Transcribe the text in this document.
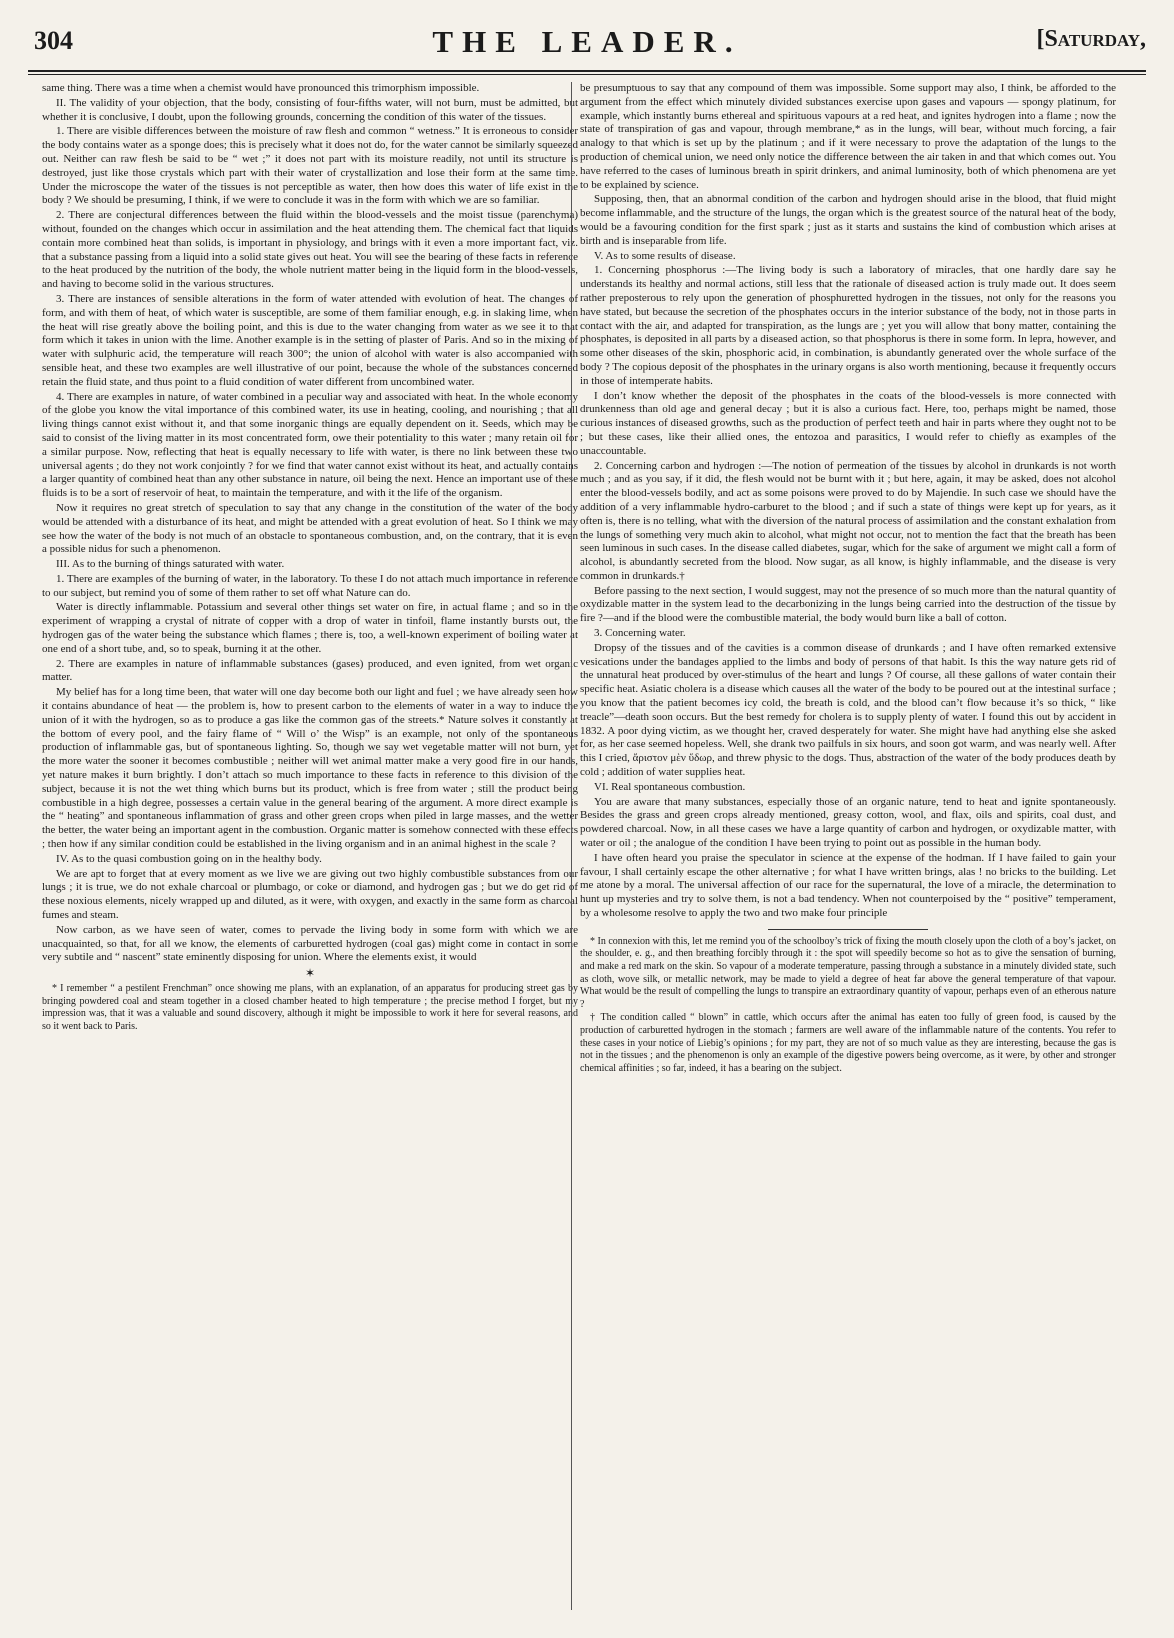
304	THE LEADER.	[Saturday,

same thing. There was a time when a chemist would have pronounced this trimorphism impossible.

II. The validity of your objection, that the body, consisting of four-fifths water, will not burn, must be admitted, but whether it is conclusive, I doubt, upon the following grounds, concerning the condition of this water of the tissues.

1. There are visible differences between the moisture of raw flesh and common “ wetness.” It is erroneous to consider the body contains water as a sponge does; this is precisely what it does not do, for the water cannot be similarly squeezed out. Neither can raw flesh be said to be “ wet ;” it does not part with its moisture readily, not until its structure is destroyed, just like those crystals which part with their water of crystallization and lose their form at the same time. Under the microscope the water of the tissues is not perceptible as water, then how does this water of life exist in the body ? We should be presuming, I think, if we were to conclude it was in the form with which we are so familiar.

2. There are conjectural differences between the fluid within the blood-vessels and the moist tissue (parenchyma) without, founded on the changes which occur in assimilation and the heat attending them. The chemical fact that liquids contain more combined heat than solids, is important in physiology, and brings with it even a more important fact, viz. that a substance passing from a liquid into a solid state gives out heat. You will see the bearing of these facts in reference to the heat produced by the nutrition of the body, the whole nutrient matter being in the liquid form in the blood-vessels, and having to become solid in the various structures.

3. There are instances of sensible alterations in the form of water attended with evolution of heat. The changes of form, and with them of heat, of which water is susceptible, are some of them familiar enough, e.g. in slaking lime, when the heat will rise greatly above the boiling point, and this is due to the water changing from water as we see it to that form which it takes in union with the lime. Another example is in the setting of plaster of Paris. And so in the mixing of water with sulphuric acid, the temperature will reach 300°; the union of alcohol with water is also accompanied with sensible heat, and these two examples are well illustrative of our point, because the whole of the substances concerned retain the fluid state, and thus point to a fluid condition of water different from uncombined water.

4. There are examples in nature, of water combined in a peculiar way and associated with heat. In the whole economy of the globe you know the vital importance of this combined water, its use in heating, cooling, and nourishing ; that all living things cannot exist without it, and that some inorganic things are equally dependent on it. Seeds, which may be said to consist of the living matter in its most concentrated form, owe their potentiality to this water ; many retain oil for a similar purpose. Now, reflecting that heat is equally necessary to life with water, is there no link between these two universal agents ; do they not work conjointly ? for we find that water cannot exist without its heat, and actually contains a larger quantity of combined heat than any other substance in nature, oil being the next. Hence an important use of these fluids is to be a sort of reservoir of heat, to maintain the temperature, and with it the life of the organism.

Now it requires no great stretch of speculation to say that any change in the constitution of the water of the body would be attended with a disturbance of its heat, and might be attended with a great evolution of heat. So I think we may see how the water of the body is not much of an obstacle to spontaneous combustion, and, on the contrary, that it is even a possible nidus for such a phenomenon.

III. As to the burning of things saturated with water.

1. There are examples of the burning of water, in the laboratory. To these I do not attach much importance in reference to our subject, but remind you of some of them rather to set off what Nature can do.

Water is directly inflammable. Potassium and several other things set water on fire, in actual flame ; and so in the experiment of wrapping a crystal of nitrate of copper with a drop of water in tinfoil, flame instantly bursts out, the hydrogen gas of the water being the substance which flames ; there is, too, a well-known experiment of boiling water at one end of a short tube, and, so to speak, burning it at the other.

2. There are examples in nature of inflammable substances (gases) produced, and even ignited, from wet organic matter.

My belief has for a long time been, that water will one day become both our light and fuel ; we have already seen how it contains abundance of heat — the problem is, how to present carbon to the elements of water in a way to induce the union of it with the hydrogen, so as to produce a gas like the common gas of the streets.* Nature solves it constantly at the bottom of every pool, and the fairy flame of “ Will o’ the Wisp” is an example, not only of the spontaneous production of inflammable gas, but of spontaneous lighting. So, though we say wet vegetable matter will not burn, yet the more water the sooner it becomes combustible ; neither will wet animal matter make a very good fire in our hands, yet nature makes it burn brightly. I don’t attach so much importance to these facts in reference to this division of the subject, because it is not the wet thing which burns but its product, which is free from water ; still the product being combustible in a high degree, possesses a certain value in the general bearing of the argument. A more direct example is the “ heating” and spontaneous inflammation of grass and other green crops when piled in large masses, and the wetter the better, the water being an important agent in the combustion. Organic matter is somehow connected with these effects ; then how if any similar condition could be established in the living organism and in an animal highest in the scale ?

IV. As to the quasi combustion going on in the healthy body.

We are apt to forget that at every moment as we live we are giving out two highly combustible substances from our lungs ; it is true, we do not exhale charcoal or plumbago, or coke or diamond, and hydrogen gas ; but we do get rid of these noxious elements, nicely wrapped up and diluted, as it were, with oxygen, and exactly in the same form as charcoal fumes and steam.

Now carbon, as we have seen of water, comes to pervade the living body in some form with which we are unacquainted, so that, for all we know, the elements of carburetted hydrogen (coal gas) might come in contact in some very subtile and “ nascent” state eminently disposing for union. Where the elements exist, it would

✶

* I remember “ a pestilent Frenchman” once showing me plans, with an explanation, of an apparatus for producing street gas by bringing powdered coal and steam together in a closed chamber heated to high temperature ; the precise method I forget, but my impression was, that it was a valuable and sound discovery, although it might be impossible to work it here for several reasons, and so it went back to Paris.

be presumptuous to say that any compound of them was impossible. Some support may also, I think, be afforded to the argument from the effect which minutely divided substances exercise upon gases and vapours — spongy platinum, for example, which instantly burns ethereal and spirituous vapours at a red heat, and ignites hydrogen into a flame ; now the state of transpiration of gas and vapour, through membrane,* as in the lungs, will bear, without much forcing, a fair analogy to that which is set up by the platinum ; and if it were necessary to prove the adaptation of the lungs to the production of chemical union, we need only notice the difference between the air taken in and that which comes out. You have referred to the cases of luminous breath in spirit drinkers, and animal luminosity, both of which phenomena are yet to be explained by science.

Supposing, then, that an abnormal condition of the carbon and hydrogen should arise in the blood, that fluid might become inflammable, and the structure of the lungs, the organ which is the greatest source of the natural heat of the body, would be a favouring condition for the first spark ; just as it starts and sustains the kind of combustion which arises at birth and is inseparable from life.

V. As to some results of disease.

1. Concerning phosphorus :—The living body is such a laboratory of miracles, that one hardly dare say he understands its healthy and normal actions, still less that the rationale of diseased action is truly made out. It does seem rather preposterous to rely upon the generation of phosphuretted hydrogen in the tissues, not only for the reasons you have stated, but because the secretion of the phosphates occurs in the interior substance of the body, not in those parts in contact with the air, and adapted for transpiration, as the lungs are ; yet you will allow that bony matter, containing the phosphates, is deposited in all parts by a diseased action, so that phosphorus is there in some form. In lepra, however, and some other diseases of the skin, phosphoric acid, in combination, is abundantly generated over the whole surface of the body ? The copious deposit of the phosphates in the urinary organs is also worth mentioning, because it frequently occurs in those of intemperate habits.

I don’t know whether the deposit of the phosphates in the coats of the blood-vessels is more connected with drunkenness than old age and general decay ; but it is also a curious fact. Here, too, perhaps might be named, those curious instances of diseased growths, such as the production of perfect teeth and hair in parts where they ought not to be ; but these cases, like their allied ones, the entozoa and parasitics, I would refer to chiefly as examples of the unaccountable.

2. Concerning carbon and hydrogen :—The notion of permeation of the tissues by alcohol in drunkards is not worth much ; and as you say, if it did, the flesh would not be burnt with it ; but here, again, it may be asked, does not alcohol enter the blood-vessels bodily, and act as some poisons were proved to do by Majendie. In such case we should have the addition of a very inflammable hydro-carburet to the blood ; and if such a state of things were kept up for years, as it often is, there is no telling, what with the diversion of the natural process of assimilation and the constant exhalation from the lungs of something very much akin to alcohol, what might not occur, not to mention the fact that the breath has been seen luminous in such cases. In the disease called diabetes, sugar, which for the sake of argument we might call a form of alcohol, is abundantly secreted from the blood. Now sugar, as all know, is highly inflammable, and the disease is very common in drunkards.†

Before passing to the next section, I would suggest, may not the presence of so much more than the natural quantity of oxydizable matter in the system lead to the decarbonizing in the lungs being carried into the destruction of the tissue by fire ?—and if the blood were the combustible material, the body would burn like a ball of cotton.

3. Concerning water.

Dropsy of the tissues and of the cavities is a common disease of drunkards ; and I have often remarked extensive vesications under the bandages applied to the limbs and body of persons of that habit. Is this the way nature gets rid of the unnatural heat produced by over-stimulus of the heart and lungs ? Of course, all these gallons of water contain their specific heat. Asiatic cholera is a disease which causes all the water of the body to be poured out at the intestinal surface ; you know that the patient becomes icy cold, the breath is cold, and the blood can’t flow because it’s so thick, “ like treacle”—death soon occurs. But the best remedy for cholera is to supply plenty of water. I found this out by accident in 1832. A poor dying victim, as we thought her, craved desperately for water. She might have had anything else she asked for, as her case seemed hopeless. Well, she drank two pailfuls in six hours, and soon got warm, and was nearly well. After this I cried, ἄριστον μὲν ὕδωρ, and threw physic to the dogs. Thus, abstraction of the water of the body produces death by cold ; addition of water supplies heat.

VI. Real spontaneous combustion.

You are aware that many substances, especially those of an organic nature, tend to heat and ignite spontaneously. Besides the grass and green crops already mentioned, greasy cotton, wool, and flax, oils and spirits, coal dust, and powdered charcoal. Now, in all these cases we have a large quantity of carbon and hydrogen, or oxydizable matter, with water or oil ; the analogue of the condition I have been trying to point out as possible in the human body.

I have often heard you praise the speculator in science at the expense of the hodman. If I have failed to gain your favour, I shall certainly escape the other alternative ; for what I have written brings, alas ! no bricks to the building. Let me atone by a moral. The universal affection of our race for the supernatural, the love of a miracle, the determination to hunt up mysteries and try to solve them, is not a bad tendency. When not counterpoised by the “ positive” temperament, by a wholesome resolve to apply the two and two make four principle

* In connexion with this, let me remind you of the schoolboy’s trick of fixing the mouth closely upon the cloth of a boy’s jacket, on the shoulder, e. g., and then breathing forcibly through it : the spot will speedily become so hot as to give the sensation of burning, and make a red mark on the skin. So vapour of a moderate temperature, passing through a substance in a minutely divided state, such as cloth, wove silk, or metallic network, may be made to yield a degree of heat far above the general temperature of that vapour. What would be the result of compelling the lungs to transpire an extraordinary quantity of vapour, perhaps even of an etherous nature ?

† The condition called “ blown” in cattle, which occurs after the animal has eaten too fully of green food, is caused by the production of carburetted hydrogen in the stomach ; farmers are well aware of the inflammable nature of the contents. You refer to these cases in your notice of Liebig’s opinions ; for my part, they are not of so much value as they are interesting, because the gas is not in the tissues ; and the phenomenon is only an example of the digestive powers being overcome, as it were, by other and stronger chemical affinities ; so far, indeed, it has a bearing on the subject.
